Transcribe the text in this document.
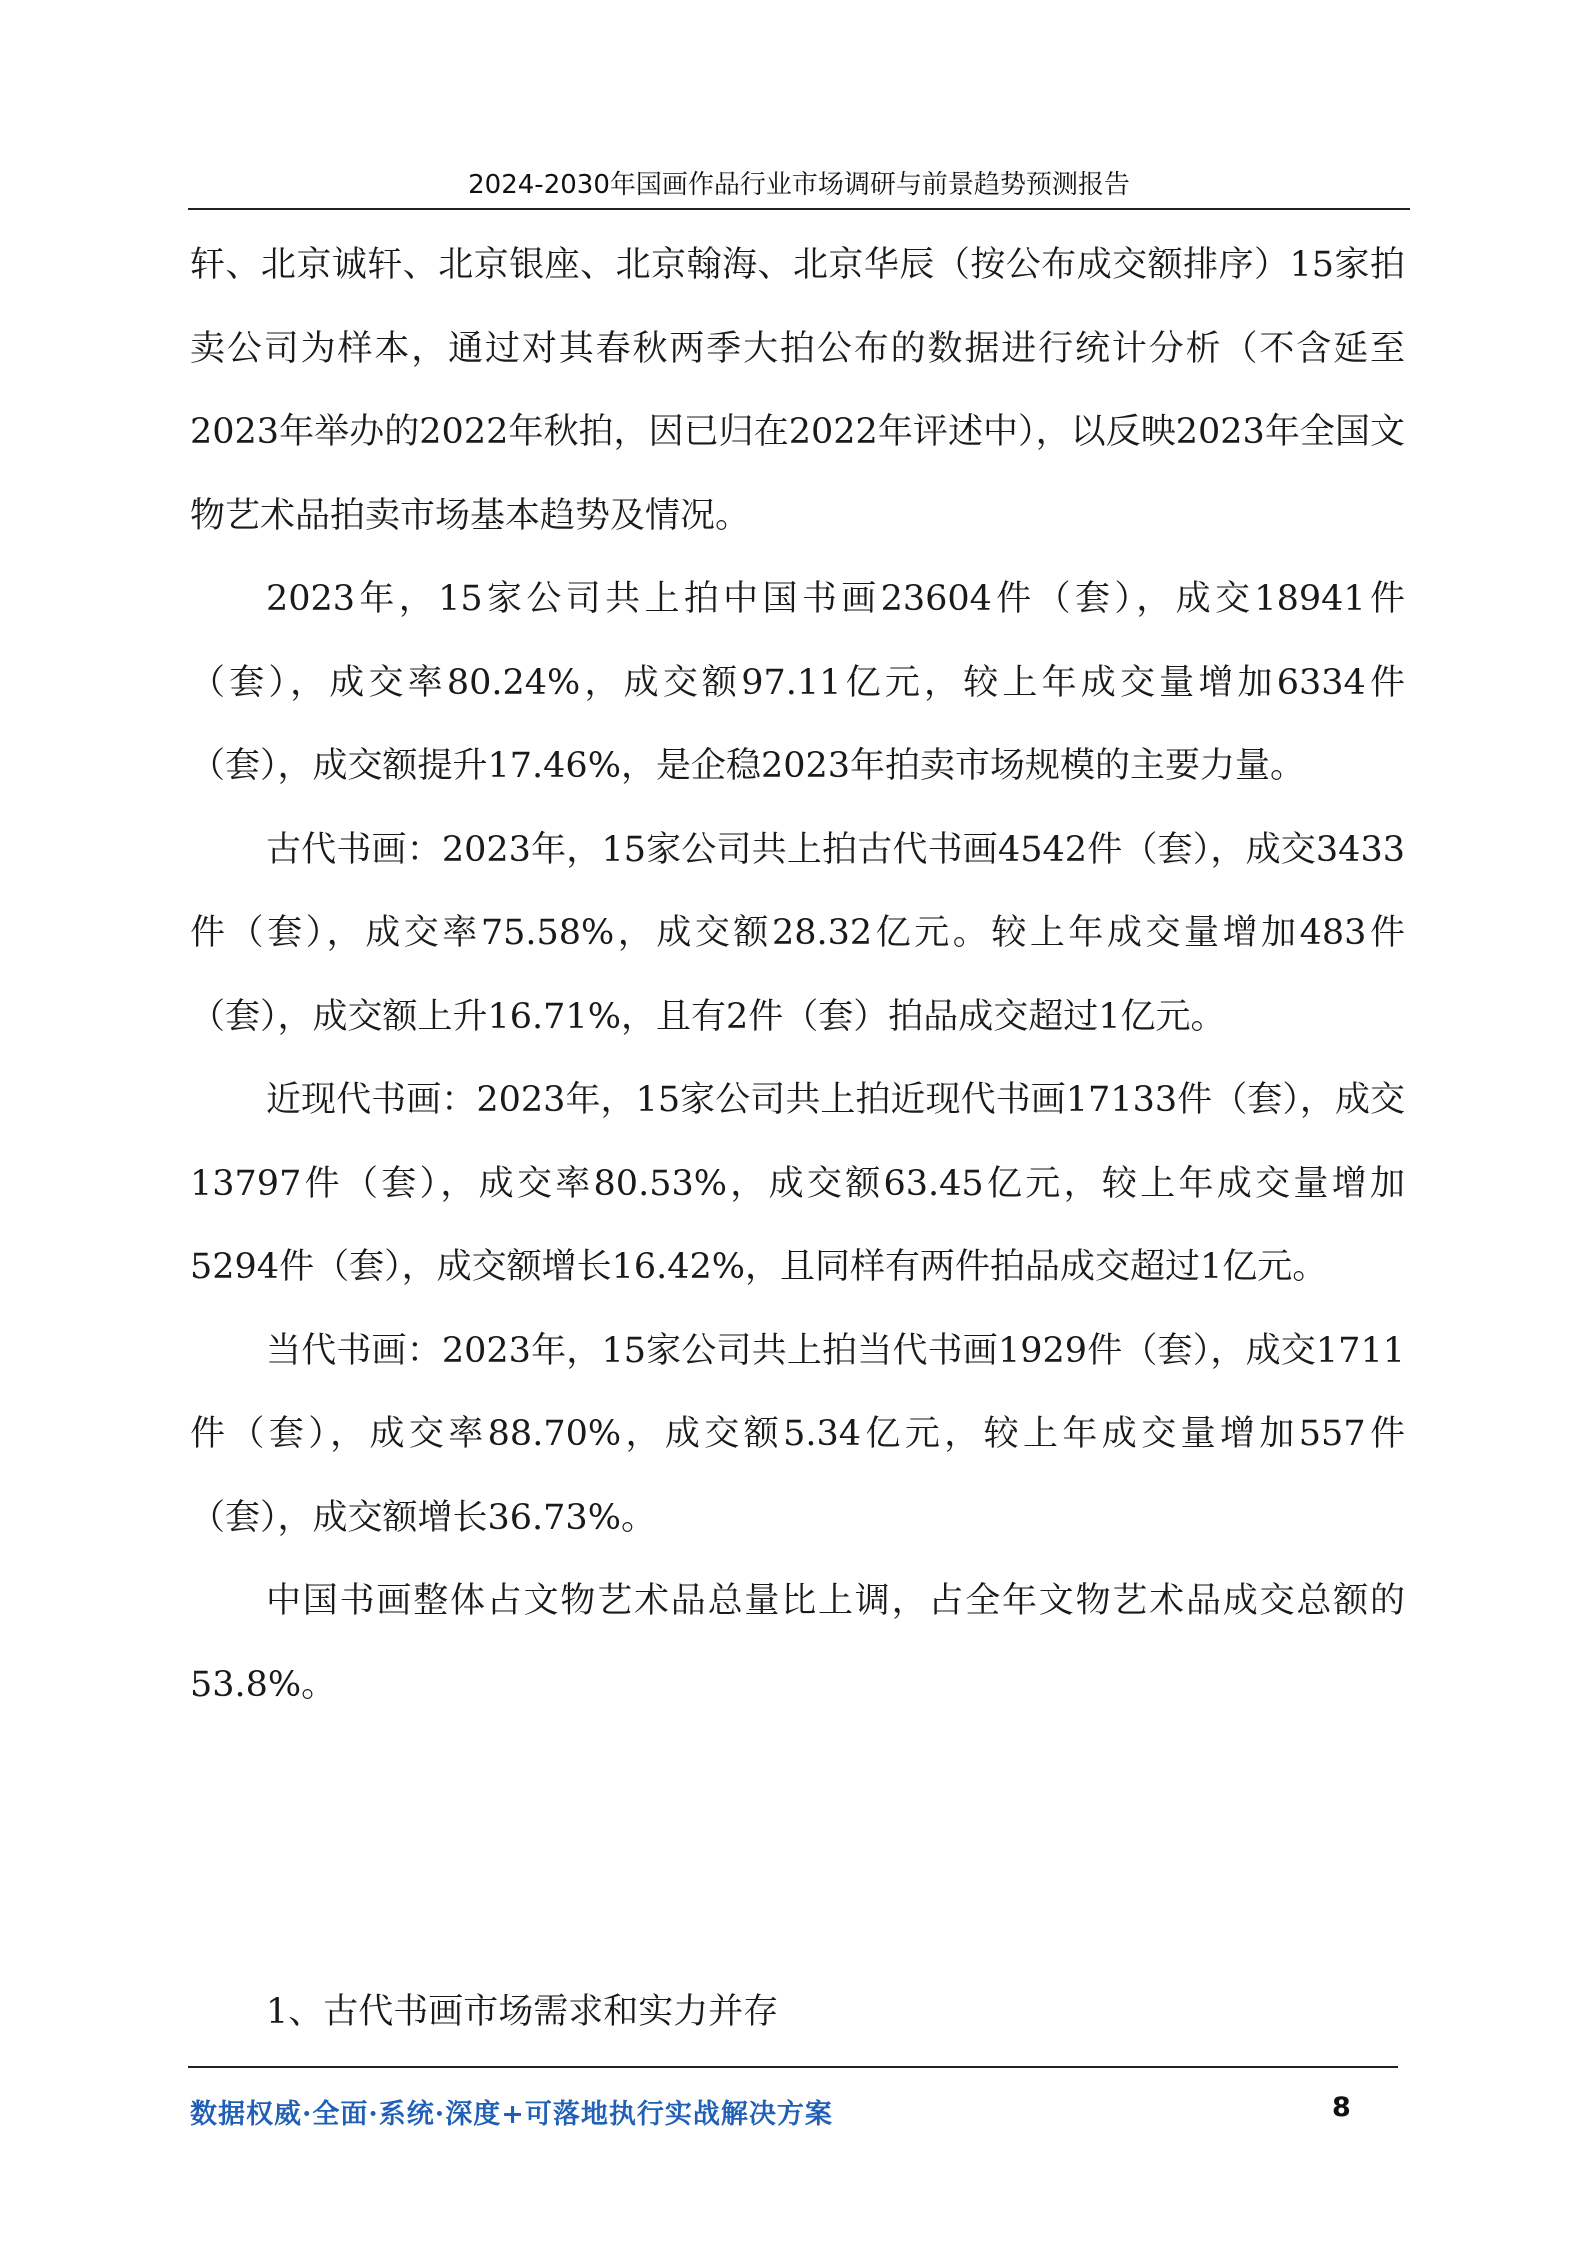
2024-2030年国画作品行业市场调研与前景趋势预测报告

轩、北京诚轩、北京银座、北京翰海、北京华辰（按公布成交额排序）15家拍卖公司为样本，通过对其春秋两季大拍公布的数据进行统计分析（不含延至2023年举办的2022年秋拍，因已归在2022年评述中），以反映2023年全国文物艺术品拍卖市场基本趋势及情况。

2023年，15家公司共上拍中国书画23604件（套），成交18941件（套），成交率80.24%，成交额97.11亿元，较上年成交量增加6334件（套），成交额提升17.46%，是企稳2023年拍卖市场规模的主要力量。

古代书画：2023年，15家公司共上拍古代书画4542件（套），成交3433件（套），成交率75.58%，成交额28.32亿元。较上年成交量增加483件（套），成交额上升16.71%，且有2件（套）拍品成交超过1亿元。

近现代书画：2023年，15家公司共上拍近现代书画17133件（套），成交13797件（套），成交率80.53%，成交额63.45亿元，较上年成交量增加5294件（套），成交额增长16.42%，且同样有两件拍品成交超过1亿元。

当代书画：2023年，15家公司共上拍当代书画1929件（套），成交1711件（套），成交率88.70%，成交额5.34亿元，较上年成交量增加557件（套），成交额增长36.73%。

中国书画整体占文物艺术品总量比上调，占全年文物艺术品成交总额的53.8%。

1、古代书画市场需求和实力并存
数据权威·全面·系统·深度+可落地执行实战解决方案	8
